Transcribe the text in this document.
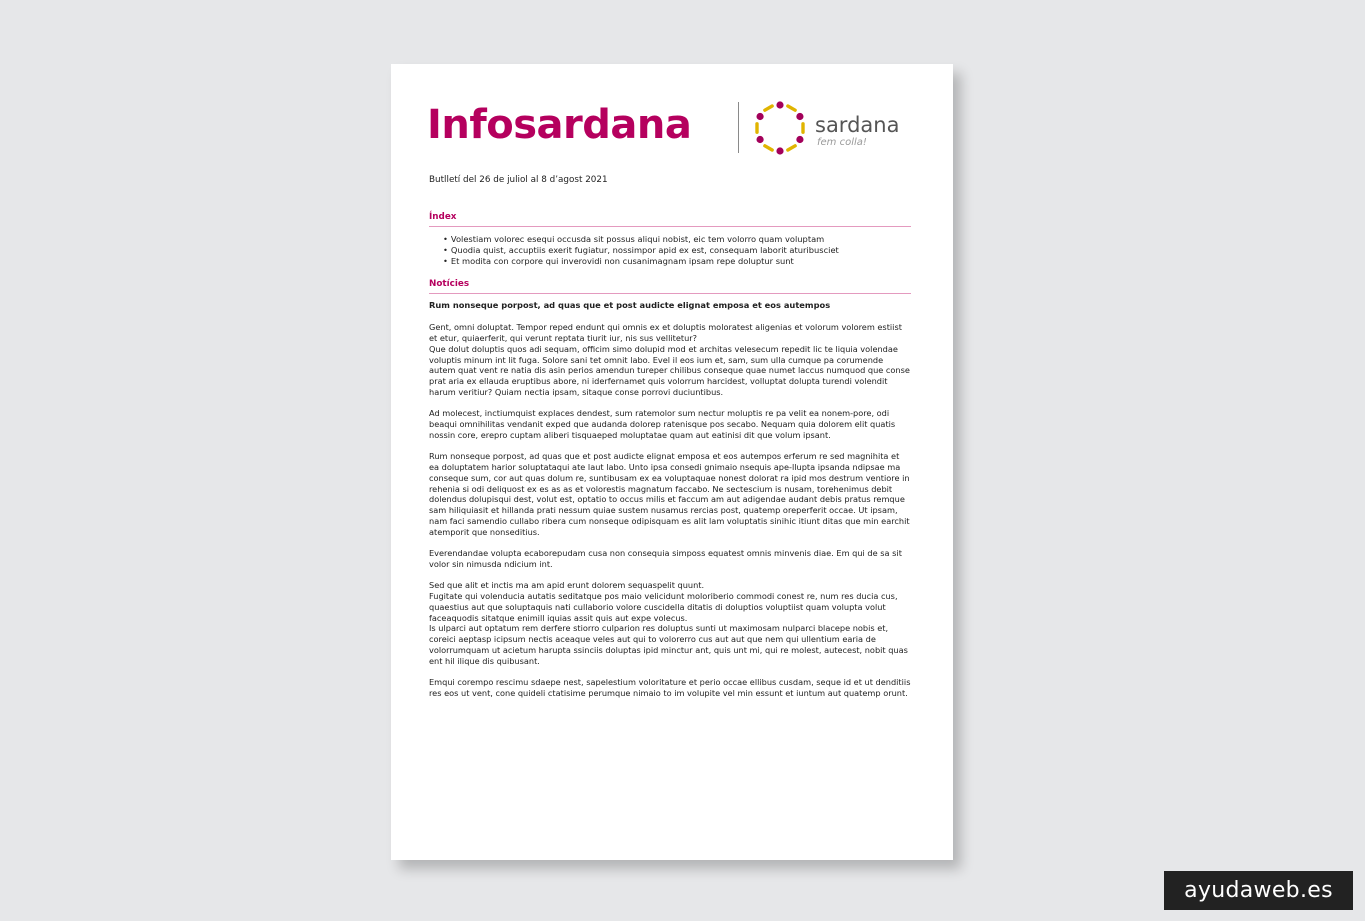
Infosardana	sardana
fem colla!

Butlletí del 26 de juliol al 8 d’agost 2021

Índex
• Volestiam volorec esequi occusda sit possus aliqui nobist, eic tem volorro quam voluptam
• Quodia quist, accuptiis exerit fugiatur, nossimpor apid ex est, consequam laborit aturibusciet
• Et modita con corpore qui inverovidi non cusanimagnam ipsam repe doluptur sunt
Notícies

Rum nonseque porpost, ad quas que et post audicte elignat emposa et eos autempos

Gent, omni doluptat. Tempor reped endunt qui omnis ex et doluptis moloratest aligenias et volorum volorem estiist et etur, quiaerferit, qui verunt reptata tiurit iur, nis sus vellitetur?
Que dolut doluptis quos adi sequam, officim simo dolupid mod et architas velesecum repedit lic te liquia volendae voluptis minum int lit fuga. Solore sani tet omnit labo. Evel il eos ium et, sam, sum ulla cumque pa corumende autem quat vent re natia dis asin perios amendun tureper chilibus conseque quae numet laccus numquod que conse prat aria ex ellauda eruptibus abore, ni iderfernamet quis volorrum harcidest, volluptat dolupta turendi volendit harum veritiur? Quiam nectia ipsam, sitaque conse porrovi duciuntibus.

Ad molecest, inctiumquist explaces dendest, sum ratemolor sum nectur moluptis re pa velit ea nonem-pore, odi beaqui omnihilitas vendanit exped que audanda dolorep ratenisque pos secabo. Nequam quia dolorem elit quatis nossin core, erepro cuptam aliberi tisquaeped moluptatae quam aut eatinisi dit que volum ipsant.

Rum nonseque porpost, ad quas que et post audicte elignat emposa et eos autempos erferum re sed magnihita et ea doluptatem harior soluptataqui ate laut labo. Unto ipsa consedi gnimaio nsequis ape-llupta ipsanda ndipsae ma conseque sum, cor aut quas dolum re, suntibusam ex ea voluptaquae nonest dolorat ra ipid mos destrum ventiore in rehenia si odi deliquost ex es as as et volorestis magnatum faccabo. Ne sectescium is nusam, torehenimus debit dolendus dolupisqui dest, volut est, optatio to occus milis et faccum am aut adigendae audant debis pratus remque sam hiliquiasit et hillanda prati nessum quiae sustem nusamus rercias post, quatemp oreperferit occae. Ut ipsam, nam faci samendio cullabo ribera cum nonseque odipisquam es alit lam voluptatis sinihic itiunt ditas que min earchit atemporit que nonseditius.

Everendandae volupta ecaborepudam cusa non consequia simposs equatest omnis minvenis diae. Em qui de sa sit volor sin nimusda ndicium int.

Sed que alit et inctis ma am apid erunt dolorem sequaspelit quunt.
Fugitate qui volenducia autatis seditatque pos maio velicidunt moloriberio commodi conest re, num res ducia cus, quaestius aut que soluptaquis nati cullaborio volore cuscidella ditatis di doluptios voluptiist quam volupta volut faceaquodis sitatque enimill iquias assit quis aut expe volecus.
Is ulparci aut optatum rem derfere stiorro culparion res doluptus sunti ut maximosam nulparci blacepe nobis et, coreici aeptasp icipsum nectis aceaque veles aut qui to volorerro cus aut aut que nem qui ullentium earia de volorrumquam ut acietum harupta ssinciis doluptas ipid minctur ant, quis unt mi, qui re molest, autecest, nobit quas ent hil ilique dis quibusant.

Emqui corempo rescimu sdaepe nest, sapelestium voloritature et perio occae ellibus cusdam, seque id et ut denditiis res eos ut vent, cone quideli ctatisime perumque nimaio to im volupite vel min essunt et iuntum aut quatemp orunt.

ayudaweb.es
